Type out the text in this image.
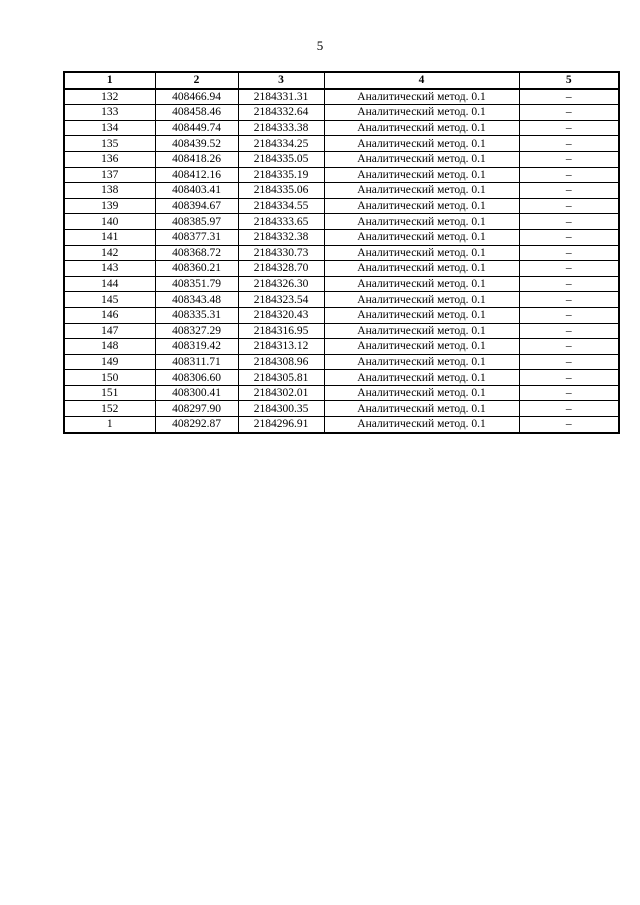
5
1	2	3	4	5
132	408466.94	2184331.31	Аналитический метод. 0.1	–
133	408458.46	2184332.64	Аналитический метод. 0.1	–
134	408449.74	2184333.38	Аналитический метод. 0.1	–
135	408439.52	2184334.25	Аналитический метод. 0.1	–
136	408418.26	2184335.05	Аналитический метод. 0.1	–
137	408412.16	2184335.19	Аналитический метод. 0.1	–
138	408403.41	2184335.06	Аналитический метод. 0.1	–
139	408394.67	2184334.55	Аналитический метод. 0.1	–
140	408385.97	2184333.65	Аналитический метод. 0.1	–
141	408377.31	2184332.38	Аналитический метод. 0.1	–
142	408368.72	2184330.73	Аналитический метод. 0.1	–
143	408360.21	2184328.70	Аналитический метод. 0.1	–
144	408351.79	2184326.30	Аналитический метод. 0.1	–
145	408343.48	2184323.54	Аналитический метод. 0.1	–
146	408335.31	2184320.43	Аналитический метод. 0.1	–
147	408327.29	2184316.95	Аналитический метод. 0.1	–
148	408319.42	2184313.12	Аналитический метод. 0.1	–
149	408311.71	2184308.96	Аналитический метод. 0.1	–
150	408306.60	2184305.81	Аналитический метод. 0.1	–
151	408300.41	2184302.01	Аналитический метод. 0.1	–
152	408297.90	2184300.35	Аналитический метод. 0.1	–
1	408292.87	2184296.91	Аналитический метод. 0.1	–
